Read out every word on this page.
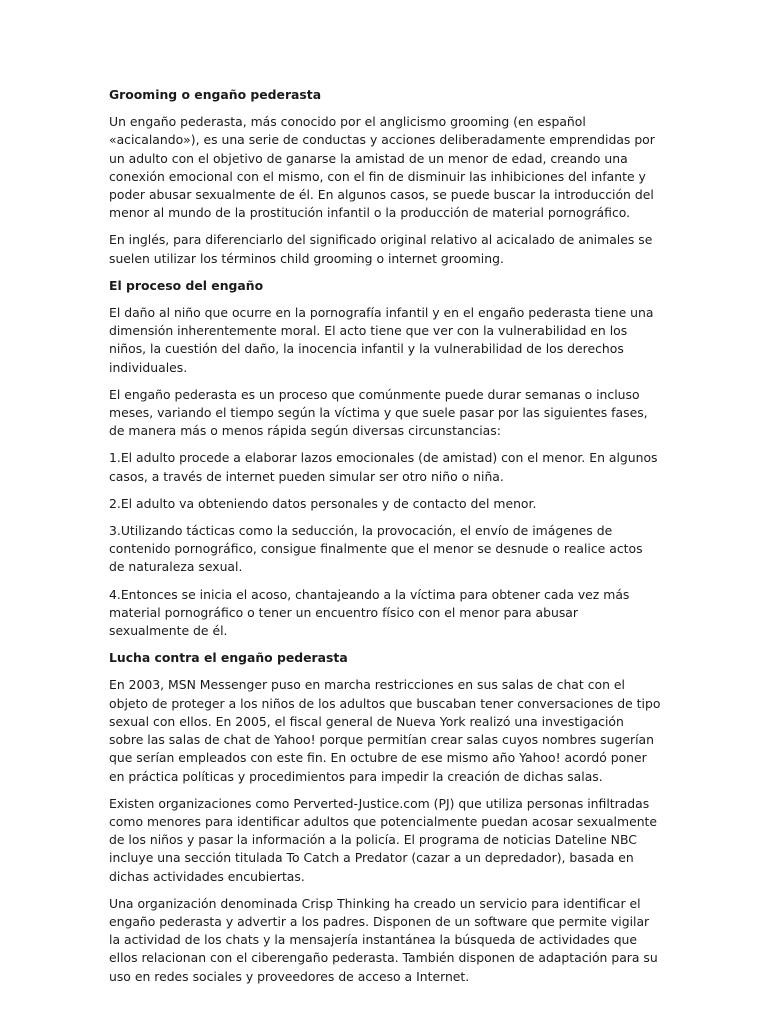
Grooming o engaño pederasta

Un engaño pederasta, más conocido por el anglicismo grooming (en español «acicalando»), es una serie de conductas y acciones deliberadamente emprendidas por un adulto con el objetivo de ganarse la amistad de un menor de edad, creando una conexión emocional con el mismo, con el fin de disminuir las inhibiciones del infante y poder abusar sexualmente de él. En algunos casos, se puede buscar la introducción del menor al mundo de la prostitución infantil o la producción de material pornográfico.

En inglés, para diferenciarlo del significado original relativo al acicalado de animales se suelen utilizar los términos child grooming o internet grooming.

El proceso del engaño

El daño al niño que ocurre en la pornografía infantil y en el engaño pederasta tiene una dimensión inherentemente moral. El acto tiene que ver con la vulnerabilidad en los niños, la cuestión del daño, la inocencia infantil y la vulnerabilidad de los derechos individuales.

El engaño pederasta es un proceso que comúnmente puede durar semanas o incluso meses, variando el tiempo según la víctima y que suele pasar por las siguientes fases, de manera más o menos rápida según diversas circunstancias:

1.El adulto procede a elaborar lazos emocionales (de amistad) con el menor. En algunos casos, a través de internet pueden simular ser otro niño o niña.

2.El adulto va obteniendo datos personales y de contacto del menor.

3.Utilizando tácticas como la seducción, la provocación, el envío de imágenes de contenido pornográfico, consigue finalmente que el menor se desnude o realice actos de naturaleza sexual.

4.Entonces se inicia el acoso, chantajeando a la víctima para obtener cada vez más material pornográfico o tener un encuentro físico con el menor para abusar sexualmente de él.

Lucha contra el engaño pederasta

En 2003, MSN Messenger puso en marcha restricciones en sus salas de chat con el objeto de proteger a los niños de los adultos que buscaban tener conversaciones de tipo sexual con ellos. En 2005, el fiscal general de Nueva York realizó una investigación sobre las salas de chat de Yahoo! porque permitían crear salas cuyos nombres sugerían que serían empleados con este fin. En octubre de ese mismo año Yahoo! acordó poner en práctica políticas y procedimientos para impedir la creación de dichas salas.

Existen organizaciones como Perverted-Justice.com (PJ) que utiliza personas infiltradas como menores para identificar adultos que potencialmente puedan acosar sexualmente de los niños y pasar la información a la policía. El programa de noticias Dateline NBC incluye una sección titulada To Catch a Predator (cazar a un depredador), basada en dichas actividades encubiertas.

Una organización denominada Crisp Thinking ha creado un servicio para identificar el engaño pederasta y advertir a los padres. Disponen de un software que permite vigilar la actividad de los chats y la mensajería instantánea la búsqueda de actividades que ellos relacionan con el ciberengaño pederasta. También disponen de adaptación para su uso en redes sociales y proveedores de acceso a Internet.
